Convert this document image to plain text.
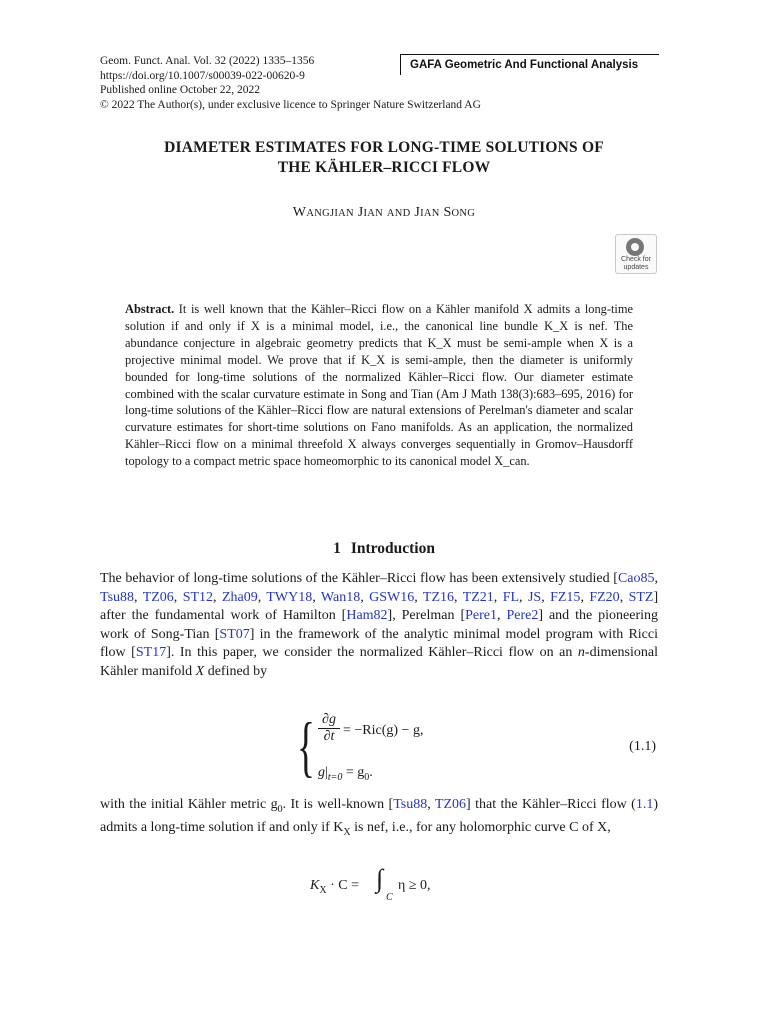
Geom. Funct. Anal. Vol. 32 (2022) 1335–1356
https://doi.org/10.1007/s00039-022-00620-9
Published online October 22, 2022
© 2022 The Author(s), under exclusive licence to Springer Nature Switzerland AG
GAFA Geometric And Functional Analysis
DIAMETER ESTIMATES FOR LONG-TIME SOLUTIONS OF
THE KÄHLER–RICCI FLOW
WANGJIAN JIAN AND JIAN SONG
Check for
updates
Abstract. It is well known that the Kähler–Ricci flow on a Kähler manifold X admits a long-time solution if and only if X is a minimal model, i.e., the canonical line bundle K_X is nef. The abundance conjecture in algebraic geometry predicts that K_X must be semi-ample when X is a projective minimal model. We prove that if K_X is semi-ample, then the diameter is uniformly bounded for long-time solutions of the normalized Kähler–Ricci flow. Our diameter estimate combined with the scalar curvature estimate in Song and Tian (Am J Math 138(3):683–695, 2016) for long-time solutions of the Kähler–Ricci flow are natural extensions of Perelman's diameter and scalar curvature estimates for short-time solutions on Fano manifolds. As an application, the normalized Kähler–Ricci flow on a minimal threefold X always converges sequentially in Gromov–Hausdorff topology to a compact metric space homeomorphic to its canonical model X_can.
1 Introduction
The behavior of long-time solutions of the Kähler–Ricci flow has been extensively studied [Cao85, Tsu88, TZ06, ST12, Zha09, TWY18, Wan18, GSW16, TZ16, TZ21, FL, JS, FZ15, FZ20, STZ] after the fundamental work of Hamilton [Ham82], Perelman [Pere1, Pere2] and the pioneering work of Song-Tian [ST07] in the framework of the analytic minimal model program with Ricci flow [ST17]. In this paper, we consider the normalized Kähler–Ricci flow on an n-dimensional Kähler manifold X defined by
{ $\frac{\partial g}{\partial t} = -Ric(g) - g$,
$g|_{t=0} = g_0$.
(1.1)
with the initial Kähler metric $g_0$. It is well-known [Tsu88, TZ06] that the Kähler–Ricci flow (1.1) admits a long-time solution if and only if $K_X$ is nef, i.e., for any holomorphic curve C of X,
$K_X \cdot C$ = ∫
C
η ≥ 0,
